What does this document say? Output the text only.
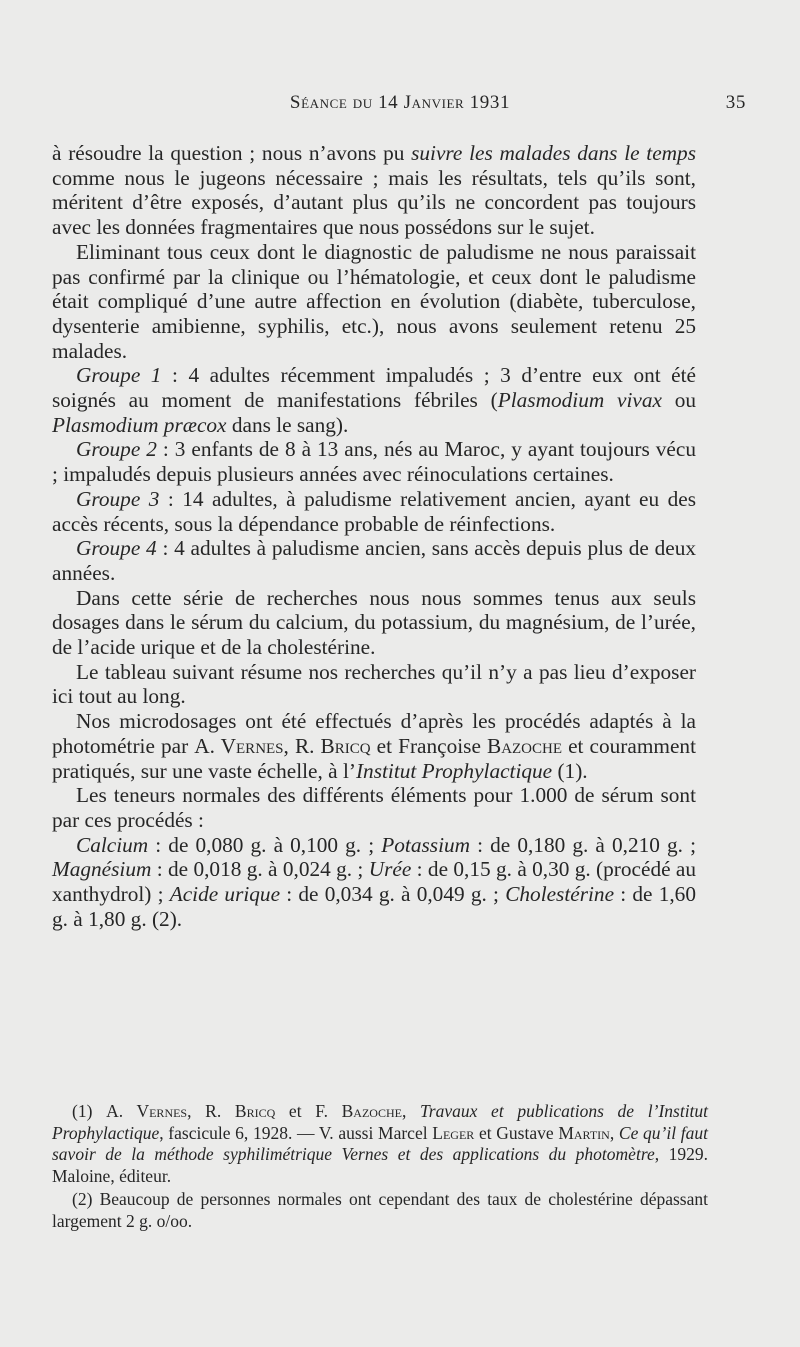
Séance du 14 Janvier 1931	35

à résoudre la question ; nous n’avons pu suivre les malades dans le temps comme nous le jugeons nécessaire ; mais les résultats, tels qu’ils sont, méritent d’être exposés, d’autant plus qu’ils ne concordent pas toujours avec les données fragmentaires que nous possédons sur le sujet.

Eliminant tous ceux dont le diagnostic de paludisme ne nous paraissait pas confirmé par la clinique ou l’hématologie, et ceux dont le paludisme était compliqué d’une autre affection en évolution (diabète, tuberculose, dysenterie amibienne, syphilis, etc.), nous avons seulement retenu 25 malades.

Groupe 1 : 4 adultes récemment impaludés ; 3 d’entre eux ont été soignés au moment de manifestations fébriles (Plasmodium vivax ou Plasmodium præcox dans le sang).

Groupe 2 : 3 enfants de 8 à 13 ans, nés au Maroc, y ayant toujours vécu ; impaludés depuis plusieurs années avec réinoculations certaines.

Groupe 3 : 14 adultes, à paludisme relativement ancien, ayant eu des accès récents, sous la dépendance probable de réinfections.

Groupe 4 : 4 adultes à paludisme ancien, sans accès depuis plus de deux années.

Dans cette série de recherches nous nous sommes tenus aux seuls dosages dans le sérum du calcium, du potassium, du magnésium, de l’urée, de l’acide urique et de la cholestérine.

Le tableau suivant résume nos recherches qu’il n’y a pas lieu d’exposer ici tout au long.

Nos microdosages ont été effectués d’après les procédés adaptés à la photométrie par A. Vernes, R. Bricq et Françoise Bazoche et couramment pratiqués, sur une vaste échelle, à l’Institut Prophylactique (1).

Les teneurs normales des différents éléments pour 1.000 de sérum sont par ces procédés :

Calcium : de 0,080 g. à 0,100 g. ; Potassium : de 0,180 g. à 0,210 g. ; Magnésium : de 0,018 g. à 0,024 g. ; Urée : de 0,15 g. à 0,30 g. (procédé au xanthydrol) ; Acide urique : de 0,034 g. à 0,049 g. ; Cholestérine : de 1,60 g. à 1,80 g. (2).

(1) A. Vernes, R. Bricq et F. Bazoche, Travaux et publications de l’Institut Prophylactique, fascicule 6, 1928. — V. aussi Marcel Leger et Gustave Martin, Ce qu’il faut savoir de la méthode syphilimétrique Vernes et des applications du photomètre, 1929. Maloine, éditeur.

(2) Beaucoup de personnes normales ont cependant des taux de cholestérine dépassant largement 2 g. o/oo.
